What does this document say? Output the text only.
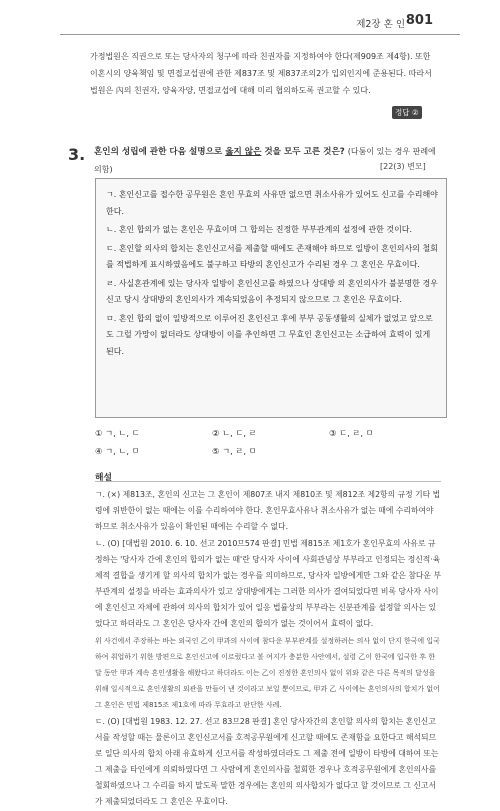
제2장 혼 인 801

가정법원은 직권으로 또는 당사자의 청구에 따라 친권자를 지정하여야 한다(제909조 제4항). 또한

이혼시의 양육책임 및 면접교섭권에 관한 제837조 및 제837조의2가 입외인지에 준용된다. 따라서

법원은 內의 친권자, 양육자양, 면접교섭에 대해 미리 협의하도록 권고할 수 있다.

정답 ②
3. 혼인의 성립에 관한 다음 설명으로 옳지 않은 것을 모두 고른 것은? (다툼이 있는 경우 판례에 의함)	[22(3) 변모]
ㄱ. 혼인신고를 접수한 공무원은 혼인 무효의 사유만 없으면 취소사유가 있어도 신고를 수리해야 한다.
ㄴ. 혼인 합의가 없는 혼인은 무효이며 그 합의는 진정한 부부관계의 설정에 관한 것이다.
ㄷ. 혼인할 의사의 합치는 혼인신고서를 제출할 때에도 존재해야 하므로 일방이 혼인의사의 철회를 적법하게 표시하였음에도 불구하고 타방의 혼인신고가 수리된 경우 그 혼인은 무효이다.
ㄹ. 사실혼관계에 있는 당사자 일방이 혼인신고를 하였으나 상대방 의 혼인의사가 불분명한 경우 신고 당시 상대방의 혼인의사가 계속되었음이 추정되지 않으므로 그 혼인은 무효이다.
ㅁ. 혼인 합의 없이 일방적으로 이루어진 혼인신고 후에 부부 공동생활의 실체가 없었고 앞으로도 그럴 가망이 없더라도 상대방이 이를 추인하면 그 무효인 혼인신고는 소급하여 효력이 있게 된다.
① ㄱ, ㄴ, ㄷ	② ㄴ, ㄷ, ㄹ	③ ㄷ, ㄹ, ㅁ
④ ㄱ, ㄴ, ㅁ	⑤ ㄱ, ㄹ, ㅁ
해설

ㄱ. (×) 제813조, 혼인의 신고는 그 혼인이 제807조 내지 제810조 및 제812조 제2항의 규정 기타 법령에 위반한이 없는 때에는 이를 수리하여야 한다. 혼인무효사유나 취소사유가 없는 때에 수리하여야 하므로 취소사유가 있음이 확인된 때에는 수리할 수 없다.

ㄴ. (O) [대법원 2010. 6. 10. 선고 2010므574 판결] 민법 제815조 제1호가 혼인무효의 사유로 규정하는 '당사자 간에 혼인의 합의가 없는 때'란 당사자 사이에 사회관념상 부부라고 인정되는 정신적·육체적 결합을 생기게 할 의사의 합치가 없는 경우를 의미하므로, 당사자 일방에게만 그와 같은 참다운 부부관계의 설정을 바라는 효과의사가 있고 상대방에게는 그러한 의사가 결여되었다면 비록 당사자 사이에 혼인신고 자체에 관하여 의사의 합치가 있어 일응 법률상의 부부라는 신분관계를 설정할 의사는 있었다고 하더라도 그 혼인은 당사자 간에 혼인의 합의가 없는 것이어서 효력이 없다.

위 사건에서 주장하는 바는 외국인 乙이 甲과의 사이에 참다운 부부관계를 설정하려는 의사 없이 단지 한국에 입국하여 취업하기 위한 방편으로 혼인신고에 이르렀다고 볼 여지가 충분한 사안에서, 설령 乙이 한국에 입국한 후 한 달 동안 甲과 계속 혼인생활을 해왔다고 하더라도 이는 乙이 진정한 혼인의사 없이 위와 같은 다른 목적의 달성을 위해 일시적으로 혼인생활의 외관을 만들어 낸 것이라고 보일 뿐이므로, 甲과 乙 사이에는 혼인의사의 합치가 없어 그 혼인은 민법 제815조 제1호에 따라 무효라고 판단한 사례.

ㄷ. (O) [대법원 1983. 12. 27. 선고 83므28 판결] 혼인 당사자간의 혼인할 의사의 합치는 혼인신고서를 작성할 때는 물론이고 혼인신고서를 호적공무원에게 신고할 때에도 존재함을 요한다고 해석되므로 일단 의사의 합치 아래 유효하게 신고서를 작성하였더라도 그 제출 전에 일방이 타방에 대하여 또는 그 제출을 타인에게 의뢰하였다면 그 사람에게 혼인의사를 철회한 경우나 호적공무원에게 혼인의사를 철회하였으나 그 수리를 하지 말도록 말한 경우에는 혼인의 의사합치가 없다고 할 것이므로 그 신고서가 제출되었더라도 그 혼인은 무효이다.
